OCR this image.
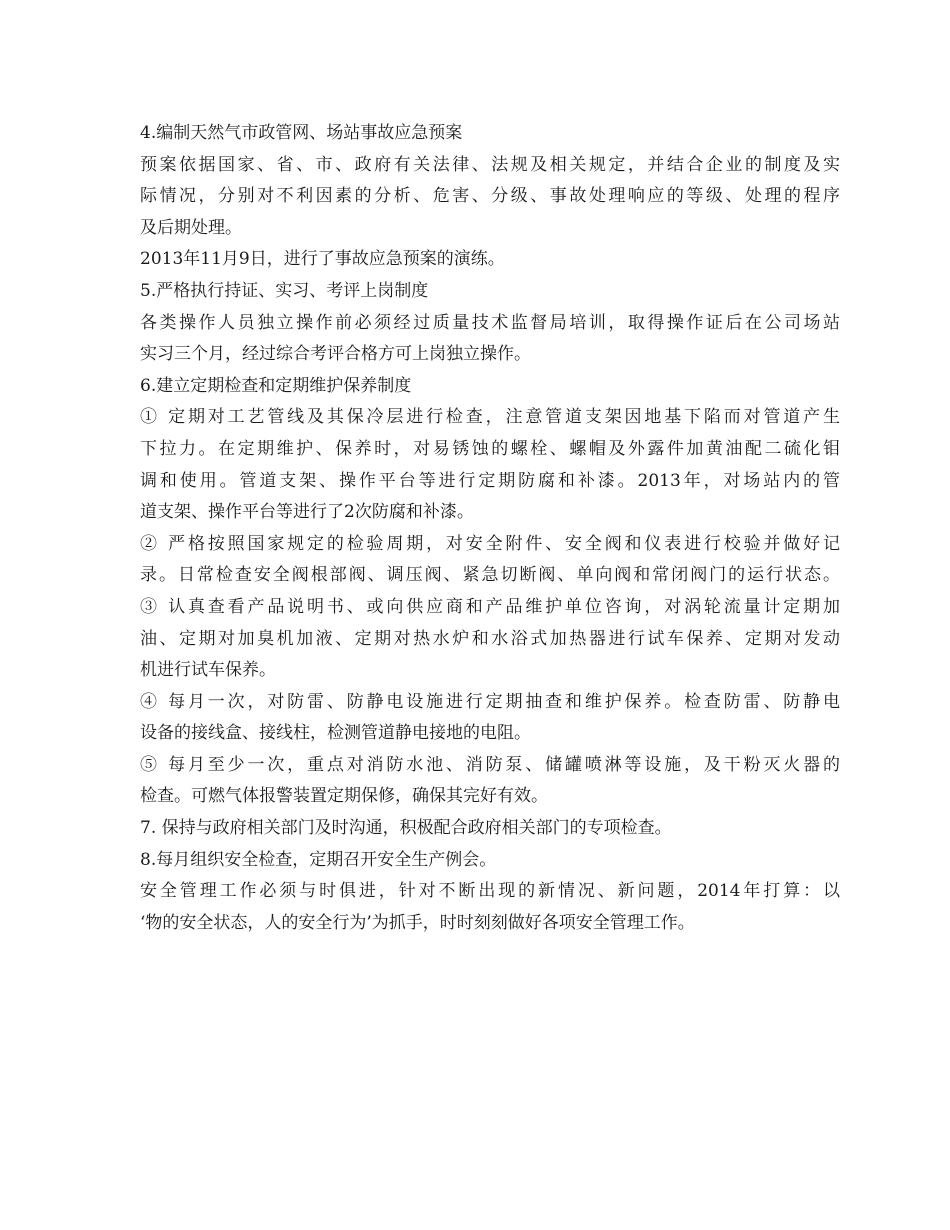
4.编制天然气市政管网、场站事故应急预案
预案依据国家、省、市、政府有关法律、法规及相关规定，并结合企业的制度及实
际情况，分别对不利因素的分析、危害、分级、事故处理响应的等级、处理的程序
及后期处理。
2013年11月9日，进行了事故应急预案的演练。
5.严格执行持证、实习、考评上岗制度
各类操作人员独立操作前必须经过质量技术监督局培训，取得操作证后在公司场站
实习三个月，经过综合考评合格方可上岗独立操作。
6.建立定期检查和定期维护保养制度
① 定期对工艺管线及其保冷层进行检查，注意管道支架因地基下陷而对管道产生
下拉力。在定期维护、保养时，对易锈蚀的螺栓、螺帽及外露件加黄油配二硫化钼
调和使用。管道支架、操作平台等进行定期防腐和补漆。2013年，对场站内的管
道支架、操作平台等进行了2次防腐和补漆。
② 严格按照国家规定的检验周期，对安全附件、安全阀和仪表进行校验并做好记
录。日常检查安全阀根部阀、调压阀、紧急切断阀、单向阀和常闭阀门的运行状态。
③ 认真查看产品说明书、或向供应商和产品维护单位咨询，对涡轮流量计定期加
油、定期对加臭机加液、定期对热水炉和水浴式加热器进行试车保养、定期对发动
机进行试车保养。
④ 每月一次，对防雷、防静电设施进行定期抽查和维护保养。检查防雷、防静电
设备的接线盒、接线柱，检测管道静电接地的电阻。
⑤ 每月至少一次，重点对消防水池、消防泵、储罐喷淋等设施，及干粉灭火器的
检查。可燃气体报警装置定期保修，确保其完好有效。
7. 保持与政府相关部门及时沟通，积极配合政府相关部门的专项检查。
8.每月组织安全检查，定期召开安全生产例会。
安全管理工作必须与时俱进，针对不断出现的新情况、新问题，2014年打算：以
‘物的安全状态，人的安全行为’为抓手，时时刻刻做好各项安全管理工作。
